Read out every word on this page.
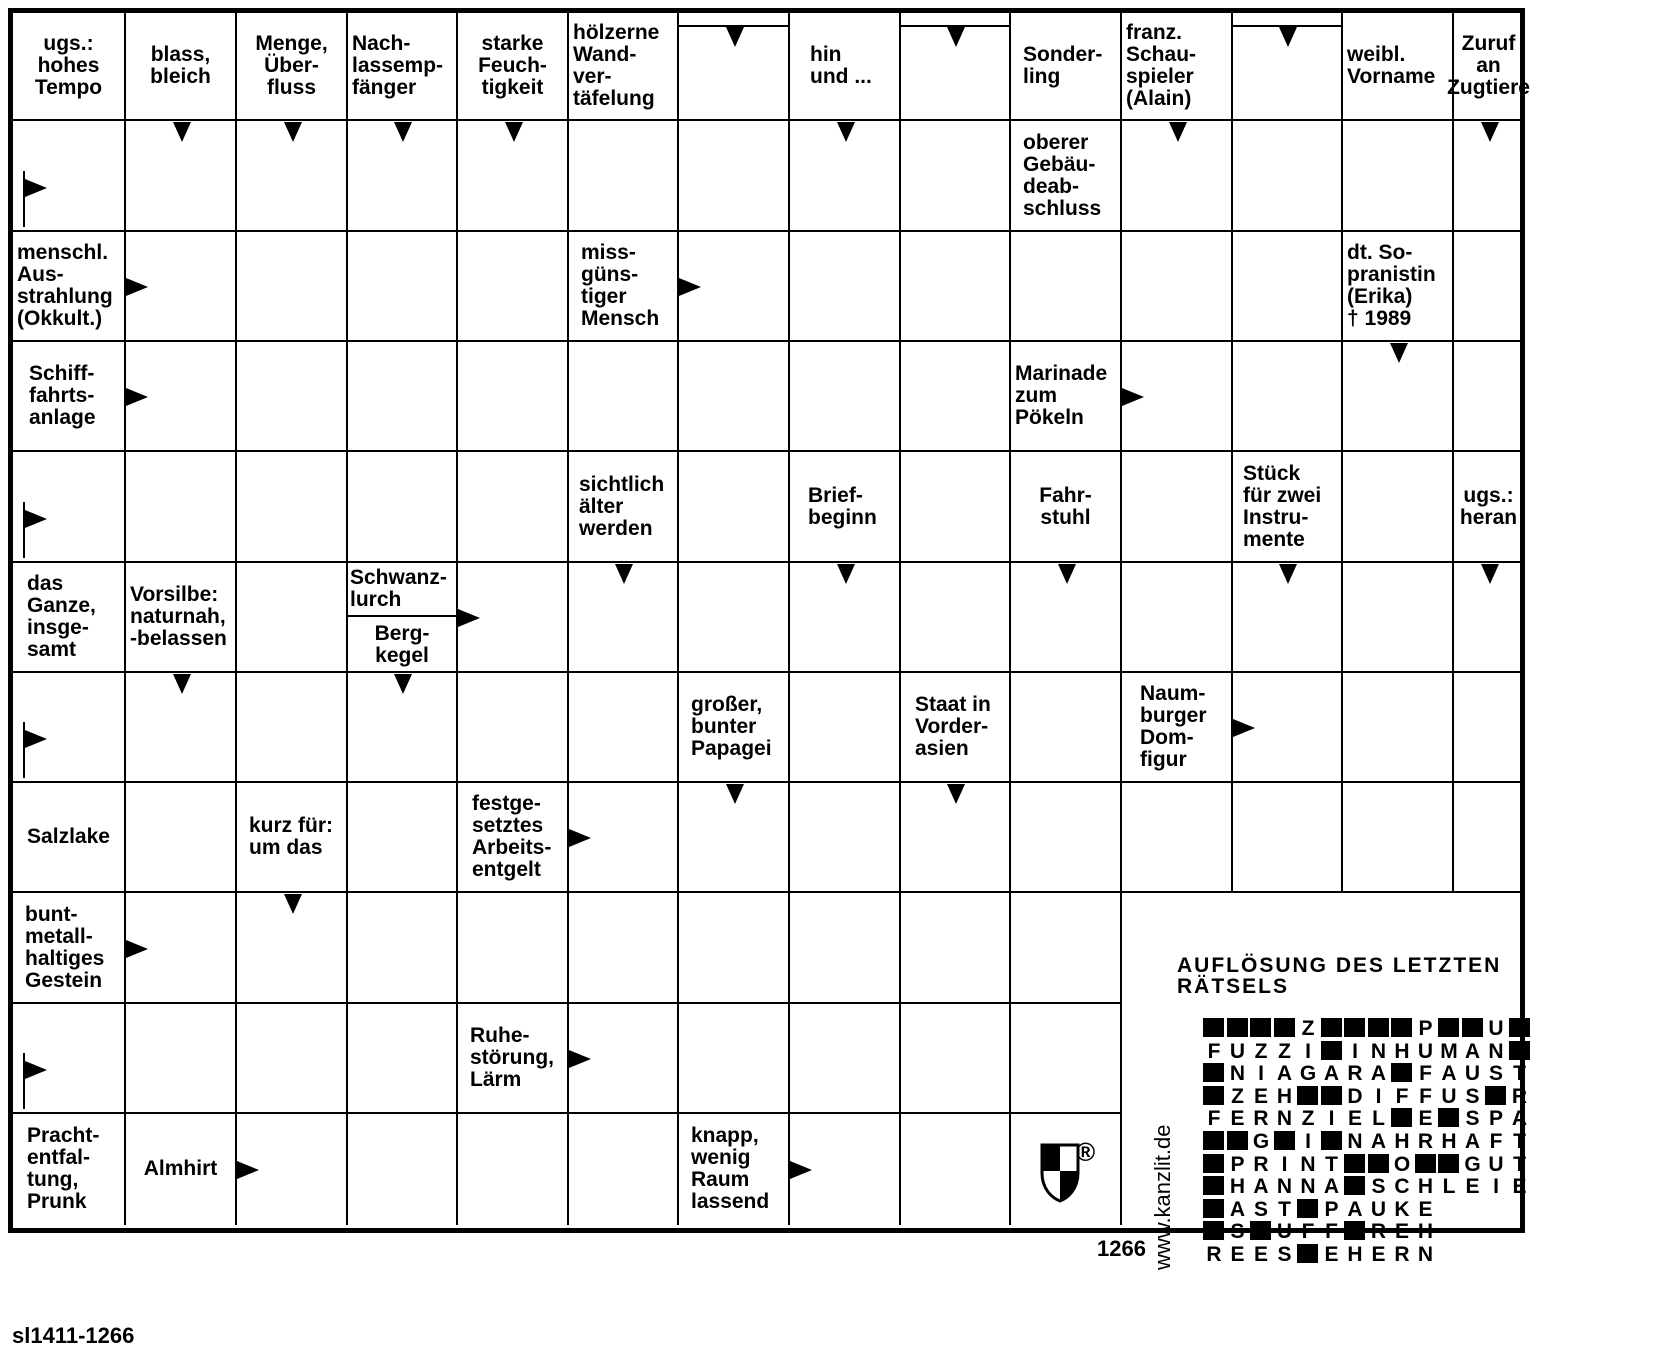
ugs.:
hohes
Tempo
blass,
bleich
Menge,
Über-
fluss
Nach-
lassemp-
fänger
starke
Feuch-
tigkeit
hölzerne
Wand-
ver-
täfelung
hin
und ...
Sonder-
ling
franz.
Schau-
spieler
(Alain)
weibl.
Vorname
Zuruf an
Zugtiere
oberer
Gebäu-
deab-
schluss
menschl.
Aus-
strahlung
(Okkult.)
miss-
güns-
tiger
Mensch
dt. So-
pranistin
(Erika)
† 1989
Schiff-
fahrts-
anlage
Marinade
zum
Pökeln
sichtlich
älter
werden
Brief-
beginn
Fahr-
stuhl
Stück
für zwei
Instru-
mente
ugs.:
heran
das
Ganze,
insge-
samt
Vorsilbe:
naturnah,
-belassen
großer,
bunter
Papagei
Staat in
Vorder-
asien
Naum-
burger
Dom-
figur
Salzlake	kurz für:
um das
festge-
setztes
Arbeits-
entgelt
bunt-
metall-
haltiges
Gestein
Ruhe-
störung,
Lärm
Pracht-
entfal-
tung,
Prunk
Almhirt
knapp,
wenig
Raum
lassend
Schwanz-
lurch
Berg-
kegel
AUFLÖSUNG DES LETZTEN RÄTSELS
Z	P	U
F U Z Z I	I N H U M A N
N I A G A R A F A U S T
Z E H	D I F F U S R
F E R N Z I E L E S P A
G	I	N A H R H A F T
P R I N T	O	G U T
H A N N A S C H L E I E
A S T P A U K E
S U F F R E H
R E E S E H E R N
® www.kanzlit.de
1266
sl1411-1266
